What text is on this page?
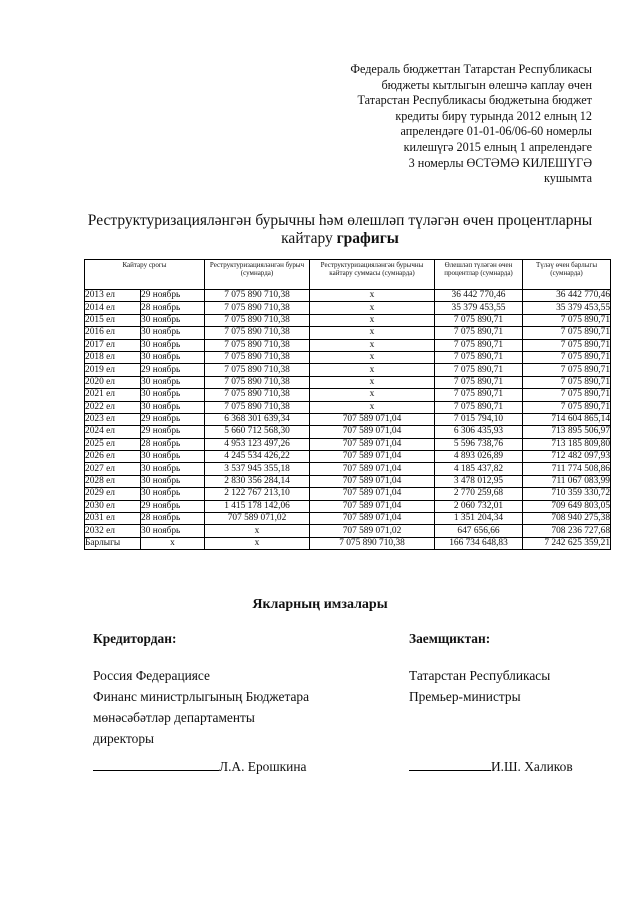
Федераль бюджеттан Татарстан Республикасы
бюджеты кытлыгын өлешчә каплау өчен
Татарстан Республикасы бюджетына бюджет
кредиты бирү турында 2012 елның 12
апрелендәге 01-01-06/06-60 номерлы
килешүгә 2015 елның 1 апрелендәге
3 номерлы ӨСТӘМӘ КИЛЕШҮГӘ
кушымта
Реструктуризацияләнгән бурычны һәм өлешләп түләгән өчен процентларны
кайтару графигы
Кайтару срогы		Реструктуризацияләнгән бурыч (сумнарда)	Реструктуризацияләнгән бурычны кайтару суммасы (сумнарда)	Өлешләп түләгән өчен процентлар (сумнарда)	Түләү өчен барлыгы (сумнарда)
2013 ел	29 ноябрь	7 075 890 710,38	х	36 442 770,46	36 442 770,46
2014 ел	28 ноябрь	7 075 890 710,38	х	35 379 453,55	35 379 453,55
2015 ел	30 ноябрь	7 075 890 710,38	х	7 075 890,71	7 075 890,71
2016 ел	30 ноябрь	7 075 890 710,38	х	7 075 890,71	7 075 890,71
2017 ел	30 ноябрь	7 075 890 710,38	х	7 075 890,71	7 075 890,71
2018 ел	30 ноябрь	7 075 890 710,38	х	7 075 890,71	7 075 890,71
2019 ел	29 ноябрь	7 075 890 710,38	х	7 075 890,71	7 075 890,71
2020 ел	30 ноябрь	7 075 890 710,38	х	7 075 890,71	7 075 890,71
2021 ел	30 ноябрь	7 075 890 710,38	х	7 075 890,71	7 075 890,71
2022 ел	30 ноябрь	7 075 890 710,38	х	7 075 890,71	7 075 890,71
2023 ел	29 ноябрь	6 368 301 639,34	707 589 071,04	7 015 794,10	714 604 865,14
2024 ел	29 ноябрь	5 660 712 568,30	707 589 071,04	6 306 435,93	713 895 506,97
2025 ел	28 ноябрь	4 953 123 497,26	707 589 071,04	5 596 738,76	713 185 809,80
2026 ел	30 ноябрь	4 245 534 426,22	707 589 071,04	4 893 026,89	712 482 097,93
2027 ел	30 ноябрь	3 537 945 355,18	707 589 071,04	4 185 437,82	711 774 508,86
2028 ел	30 ноябрь	2 830 356 284,14	707 589 071,04	3 478 012,95	711 067 083,99
2029 ел	30 ноябрь	2 122 767 213,10	707 589 071,04	2 770 259,68	710 359 330,72
2030 ел	29 ноябрь	1 415 178 142,06	707 589 071,04	2 060 732,01	709 649 803,05
2031 ел	28 ноябрь	707 589 071,02	707 589 071,04	1 351 204,34	708 940 275,38
2032 ел	30 ноябрь	х	707 589 071,02	647 656,66	708 236 727,68
Барлыгы	х	х	7 075 890 710,38	166 734 648,83	7 242 625 359,21
Якларның имзалары
Кредитордан:
Россия Федерациясе
Финанс министрлыгының Бюджетара
мөнәсәбәтләр департаменты
директоры
Л.А. Ерошкина
Заемщиктан:
Татарстан Республикасы
Премьер-министры
И.Ш. Халиков
